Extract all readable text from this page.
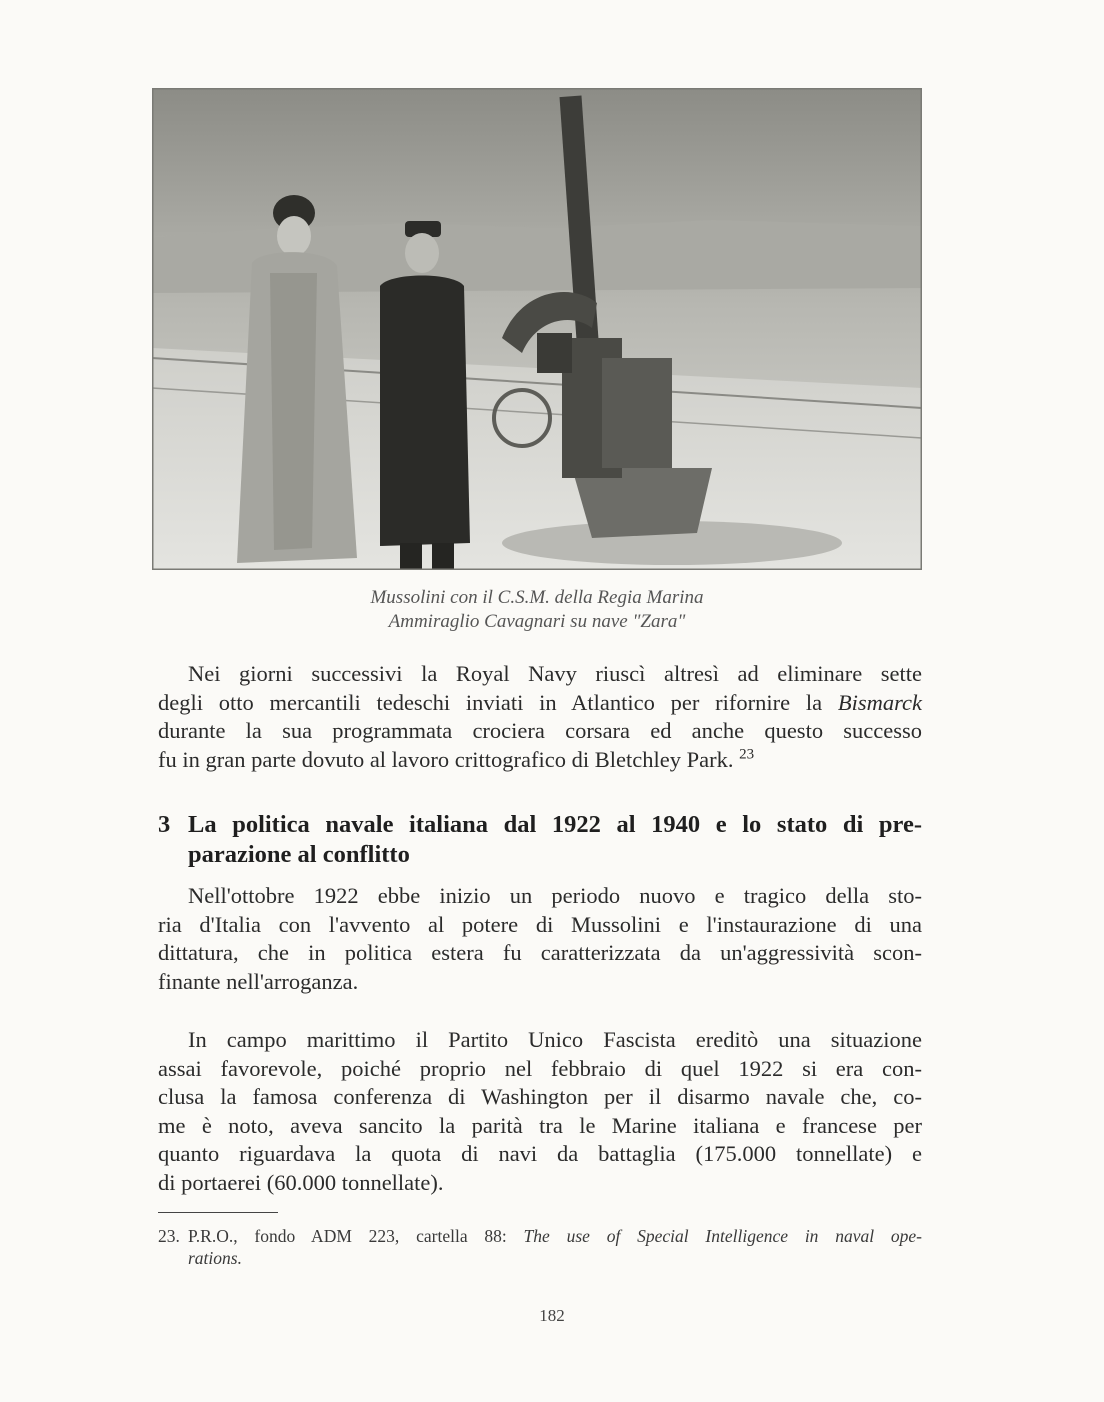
Mussolini con il C.S.M. della Regia Marina
Ammiraglio Cavagnari su nave "Zara"
Nei giorni successivi la Royal Navy riuscì altresì ad eliminare sette
degli otto mercantili tedeschi inviati in Atlantico per rifornire la Bismarck
durante la sua programmata crociera corsara ed anche questo successo
fu in gran parte dovuto al lavoro crittografico di Bletchley Park. $^{23}$
3 La politica navale italiana dal 1922 al 1940 e lo stato di pre-
parazione al conflitto
Nell'ottobre 1922 ebbe inizio un periodo nuovo e tragico della sto-
ria d'Italia con l'avvento al potere di Mussolini e l'instaurazione di una
dittatura, che in politica estera fu caratterizzata da un'aggressività scon-
finante nell'arroganza.
In campo marittimo il Partito Unico Fascista ereditò una situazione
assai favorevole, poiché proprio nel febbraio di quel 1922 si era con-
clusa la famosa conferenza di Washington per il disarmo navale che, co-
me è noto, aveva sancito la parità tra le Marine italiana e francese per
quanto riguardava la quota di navi da battaglia (175.000 tonnellate) e
di portaerei (60.000 tonnellate).
23. P.R.O., fondo ADM 223, cartella 88: The use of Special Intelligence in naval ope-
rations.
182
